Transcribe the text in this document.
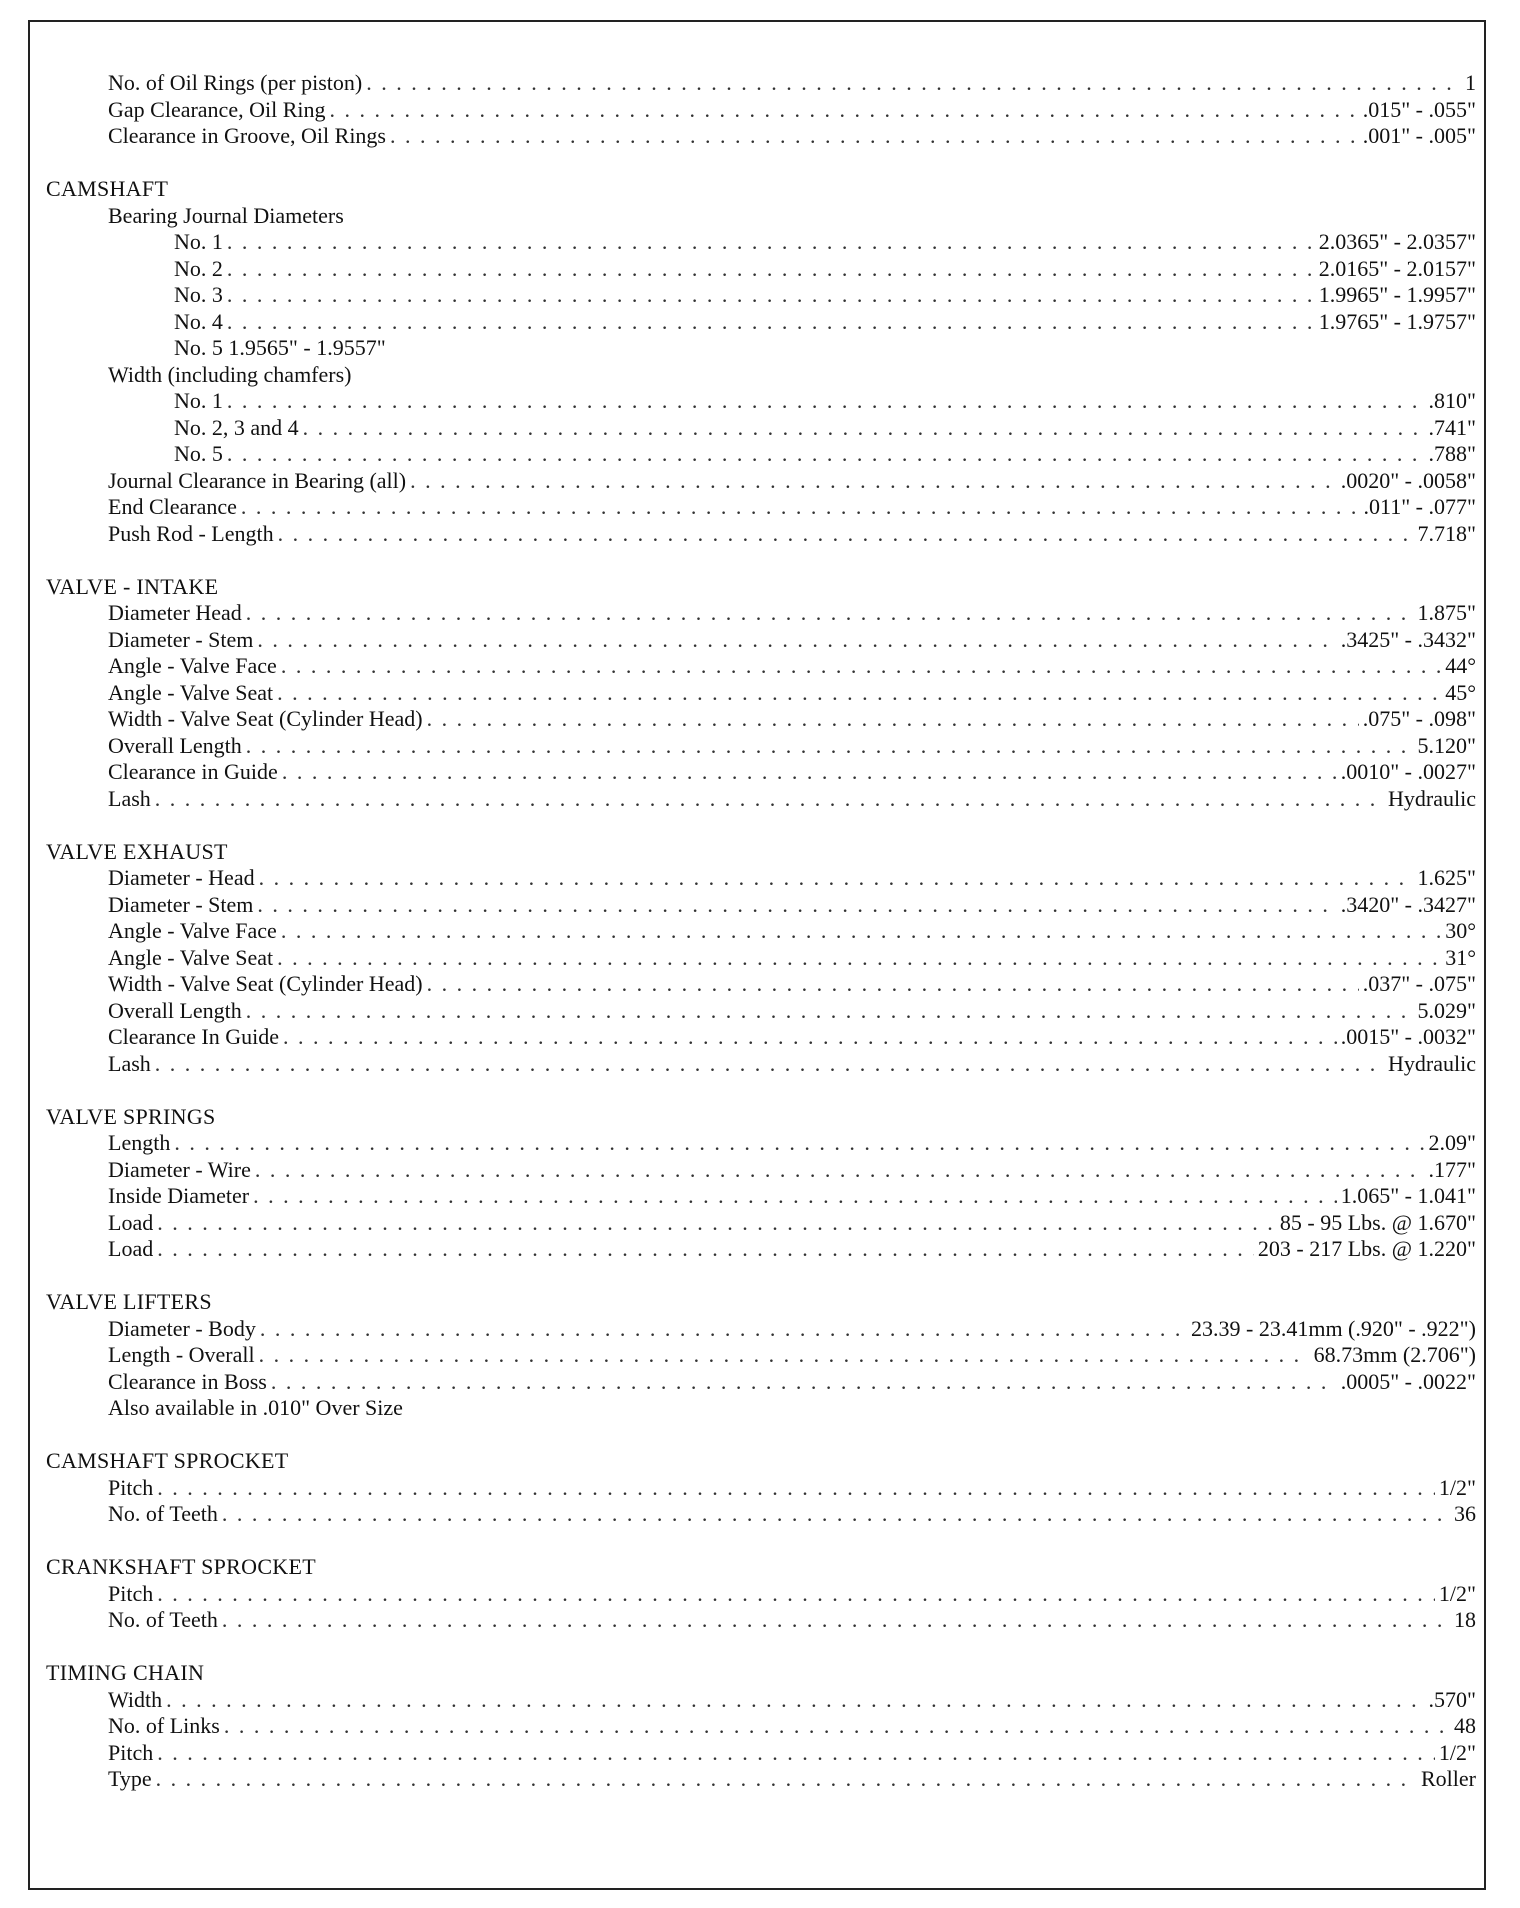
No. of Oil Rings (per piston) . . .	1
Gap Clearance, Oil Ring . . .	.015" - .055"
Clearance in Groove, Oil Rings . . .	.001" - .005"
CAMSHAFT
Bearing Journal Diameters
No. 1 . . .	2.0365" - 2.0357"
No. 2 . . .	2.0165" - 2.0157"
No. 3 . . .	1.9965" - 1.9957"
No. 4 . . .	1.9765" - 1.9757"
No. 5 1.9565" - 1.9557"
Width (including chamfers)
No. 1 . . .	.810"
No. 2, 3 and 4 . . .	.741"
No. 5 . . .	.788"
Journal Clearance in Bearing (all) . . .	.0020" - .0058"
End Clearance . . .	.011" - .077"
Push Rod - Length . . .	7.718"
VALVE - INTAKE
Diameter Head . . .	1.875"
Diameter - Stem . . .	.3425" - .3432"
Angle - Valve Face . . .	44°
Angle - Valve Seat . . .	45°
Width - Valve Seat (Cylinder Head) . . .	.075" - .098"
Overall Length . . .	5.120"
Clearance in Guide . . .	.0010" - .0027"
Lash . . .	Hydraulic
VALVE EXHAUST
Diameter - Head . . .	1.625"
Diameter - Stem . . .	.3420" - .3427"
Angle - Valve Face . . .	30°
Angle - Valve Seat . . .	31°
Width - Valve Seat (Cylinder Head) . . .	.037" - .075"
Overall Length . . .	5.029"
Clearance In Guide . . .	.0015" - .0032"
Lash . . .	Hydraulic
VALVE SPRINGS
Length . . .	2.09"
Diameter - Wire . . .	.177"
Inside Diameter . . .	1.065" - 1.041"
Load . . .	85 - 95 Lbs. @ 1.670"
Load . . .	203 - 217 Lbs. @ 1.220"
VALVE LIFTERS
Diameter - Body . . .	23.39 - 23.41mm (.920" - .922")
Length - Overall . . .	68.73mm (2.706")
Clearance in Boss . . .	.0005" - .0022"
Also available in .010" Over Size
CAMSHAFT SPROCKET
Pitch . . .	1/2"
No. of Teeth . . .	36
CRANKSHAFT SPROCKET
Pitch . . .	1/2"
No. of Teeth . . .	18
TIMING CHAIN
Width . . .	.570"
No. of Links . . .	48
Pitch . . .	1/2"
Type . . .	Roller
